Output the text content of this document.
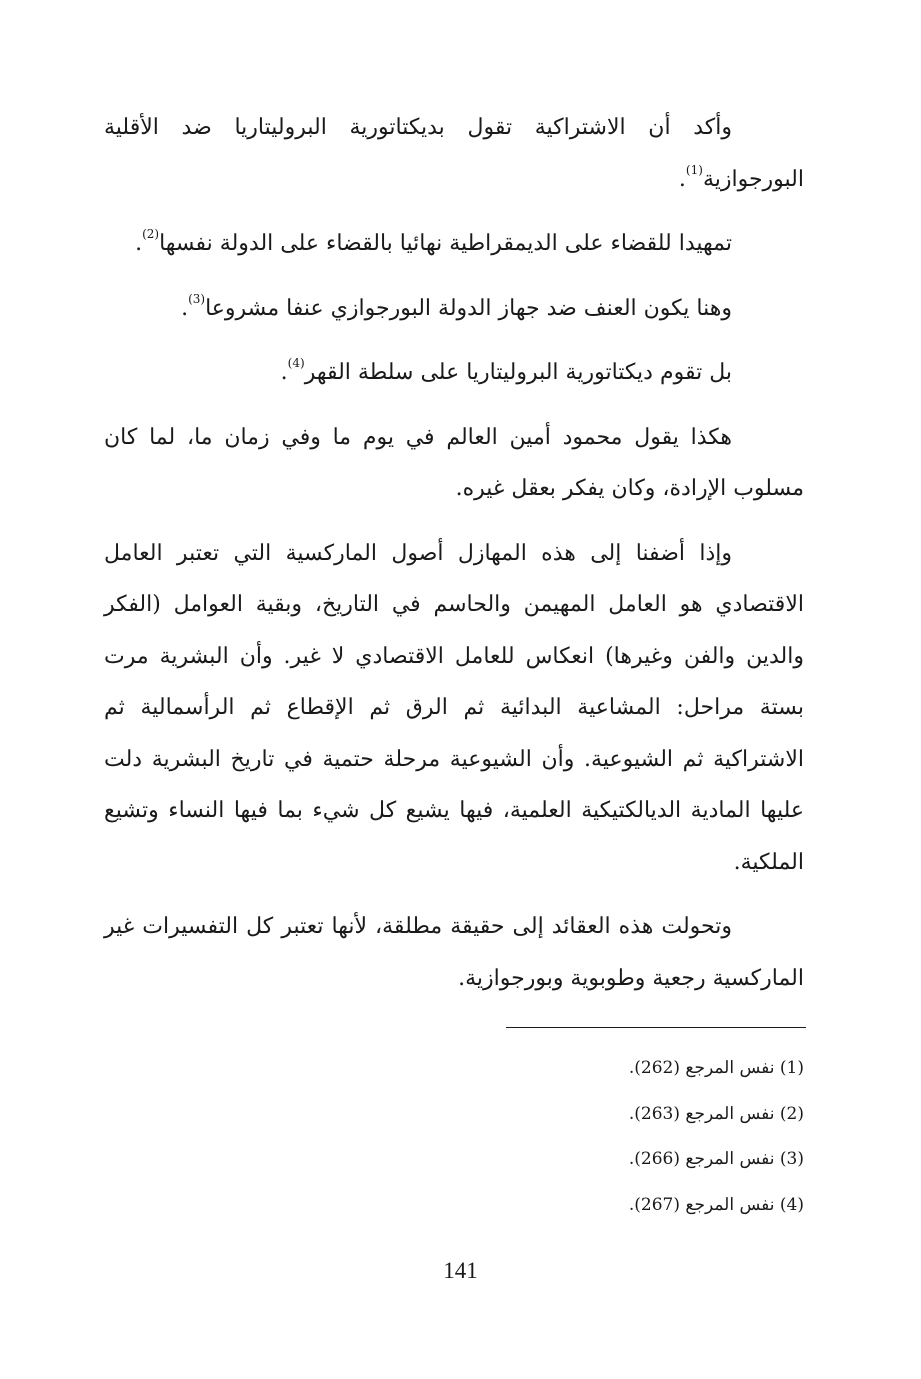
وأكد أن الاشتراكية تقول بديكتاتورية البروليتاريا ضد الأقلية البورجوازية$^{(1)}$.

تمهيدا للقضاء على الديمقراطية نهائيا بالقضاء على الدولة نفسها$^{(2)}$.

وهنا يكون العنف ضد جهاز الدولة البورجوازي عنفا مشروعا$^{(3)}$.

بل تقوم ديكتاتورية البروليتاريا على سلطة القهر$^{(4)}$.

هكذا يقول محمود أمين العالم في يوم ما وفي زمان ما، لما كان مسلوب الإرادة، وكان يفكر بعقل غيره.

وإذا أضفنا إلى هذه المهازل أصول الماركسية التي تعتبر العامل الاقتصادي هو العامل المهيمن والحاسم في التاريخ، وبقية العوامل (الفكر والدين والفن وغيرها) انعكاس للعامل الاقتصادي لا غير. وأن البشرية مرت بستة مراحل: المشاعية البدائية ثم الرق ثم الإقطاع ثم الرأسمالية ثم الاشتراكية ثم الشيوعية. وأن الشيوعية مرحلة حتمية في تاريخ البشرية دلت عليها المادية الديالكتيكية العلمية، فيها يشيع كل شيء بما فيها النساء وتشيع الملكية.

وتحولت هذه العقائد إلى حقيقة مطلقة، لأنها تعتبر كل التفسيرات غير الماركسية رجعية وطوبوية وبورجوازية.

(1) نفس المرجع (262).

(2) نفس المرجع (263).

(3) نفس المرجع (266).

(4) نفس المرجع (267).

141
